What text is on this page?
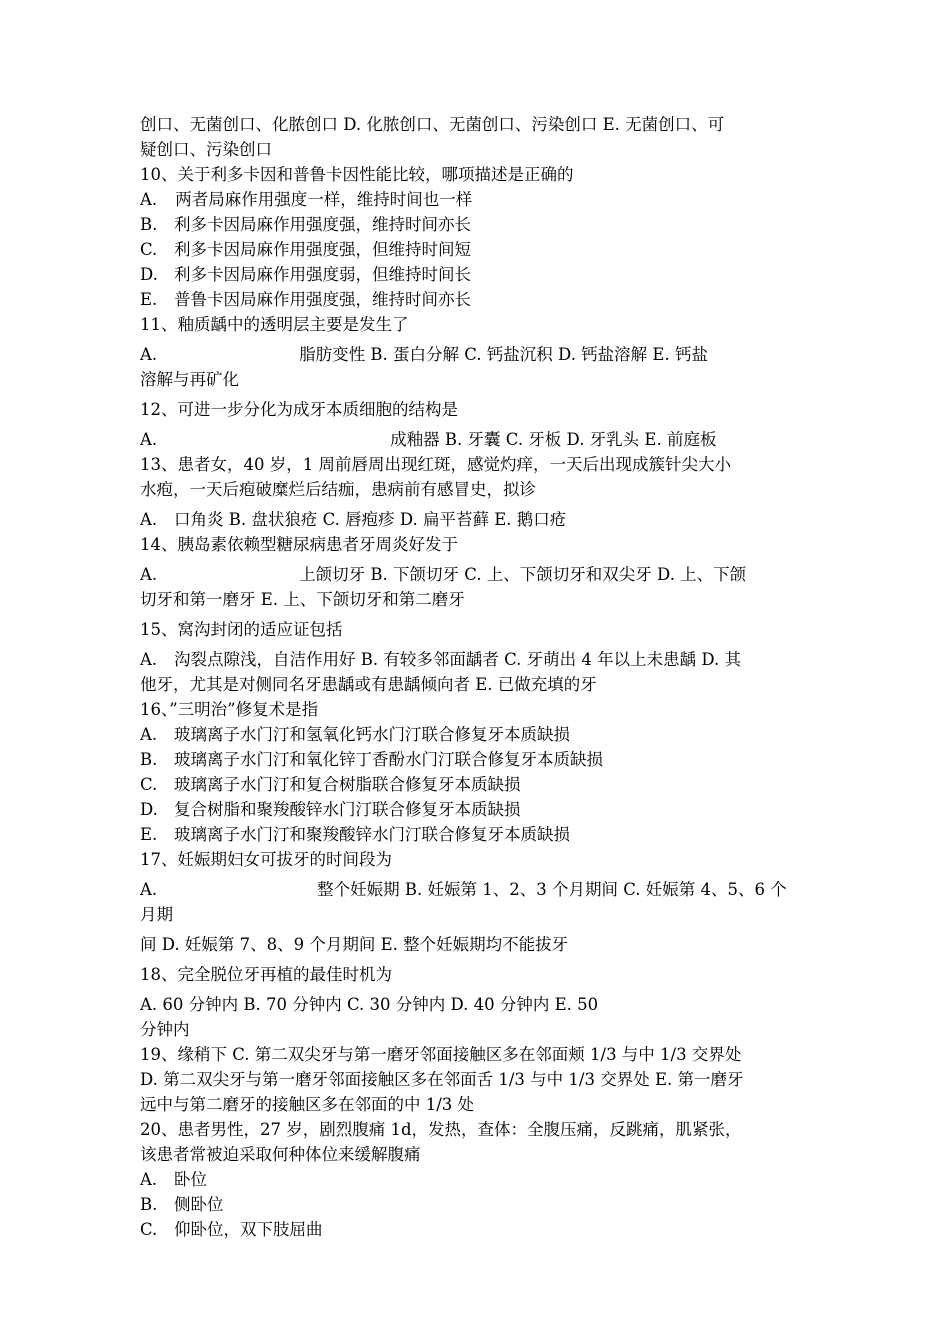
创口、无菌创口、化脓创口 D. 化脓创口、无菌创口、污染创口 E. 无菌创口、可
疑创口、污染创口
10、关于利多卡因和普鲁卡因性能比较，哪项描述是正确的
A. 两者局麻作用强度一样，维持时间也一样
B. 利多卡因局麻作用强度强，维持时间亦长
C. 利多卡因局麻作用强度强，但维持时间短
D. 利多卡因局麻作用强度弱，但维持时间长
E. 普鲁卡因局麻作用强度强，维持时间亦长
11、釉质龋中的透明层主要是发生了
A.	脂肪变性 B. 蛋白分解 C. 钙盐沉积 D. 钙盐溶解 E. 钙盐
溶解与再矿化
12、可进一步分化为成牙本质细胞的结构是
A.	成釉器 B. 牙囊 C. 牙板 D. 牙乳头 E. 前庭板
13、患者女，40 岁，1 周前唇周出现红斑，感觉灼痒，一天后出现成簇针尖大小
水疱，一天后疱破糜烂后结痂，患病前有感冒史，拟诊
A. 口角炎 B. 盘状狼疮 C. 唇疱疹 D. 扁平苔藓 E. 鹅口疮
14、胰岛素依赖型糖尿病患者牙周炎好发于
A.	上颌切牙 B. 下颌切牙 C. 上、下颌切牙和双尖牙 D. 上、下颌
切牙和第一磨牙 E. 上、下颌切牙和第二磨牙
15、窝沟封闭的适应证包括
A. 沟裂点隙浅，自洁作用好 B. 有较多邻面龋者 C. 牙萌出 4 年以上未患龋 D. 其
他牙，尤其是对侧同名牙患龋或有患龋倾向者 E. 已做充填的牙
16、”三明治”修复术是指
A. 玻璃离子水门汀和氢氧化钙水门汀联合修复牙本质缺损
B. 玻璃离子水门汀和氧化锌丁香酚水门汀联合修复牙本质缺损
C. 玻璃离子水门汀和复合树脂联合修复牙本质缺损
D. 复合树脂和聚羧酸锌水门汀联合修复牙本质缺损
E. 玻璃离子水门汀和聚羧酸锌水门汀联合修复牙本质缺损
17、妊娠期妇女可拔牙的时间段为
A.	整个妊娠期 B. 妊娠第 1、2、3 个月期间 C. 妊娠第 4、5、6 个
月期
间 D. 妊娠第 7、8、9 个月期间 E. 整个妊娠期均不能拔牙
18、完全脱位牙再植的最佳时机为
A. 60 分钟内 B. 70 分钟内 C. 30 分钟内 D. 40 分钟内 E. 50
分钟内
19、缘稍下 C. 第二双尖牙与第一磨牙邻面接触区多在邻面颊 1/3 与中 1/3 交界处
D. 第二双尖牙与第一磨牙邻面接触区多在邻面舌 1/3 与中 1/3 交界处 E. 第一磨牙
远中与第二磨牙的接触区多在邻面的中 1/3 处
20、患者男性，27 岁，剧烈腹痛 1d，发热，查体：全腹压痛，反跳痛，肌紧张，
该患者常被迫采取何种体位来缓解腹痛
A. 卧位
B. 侧卧位
C. 仰卧位，双下肢屈曲
